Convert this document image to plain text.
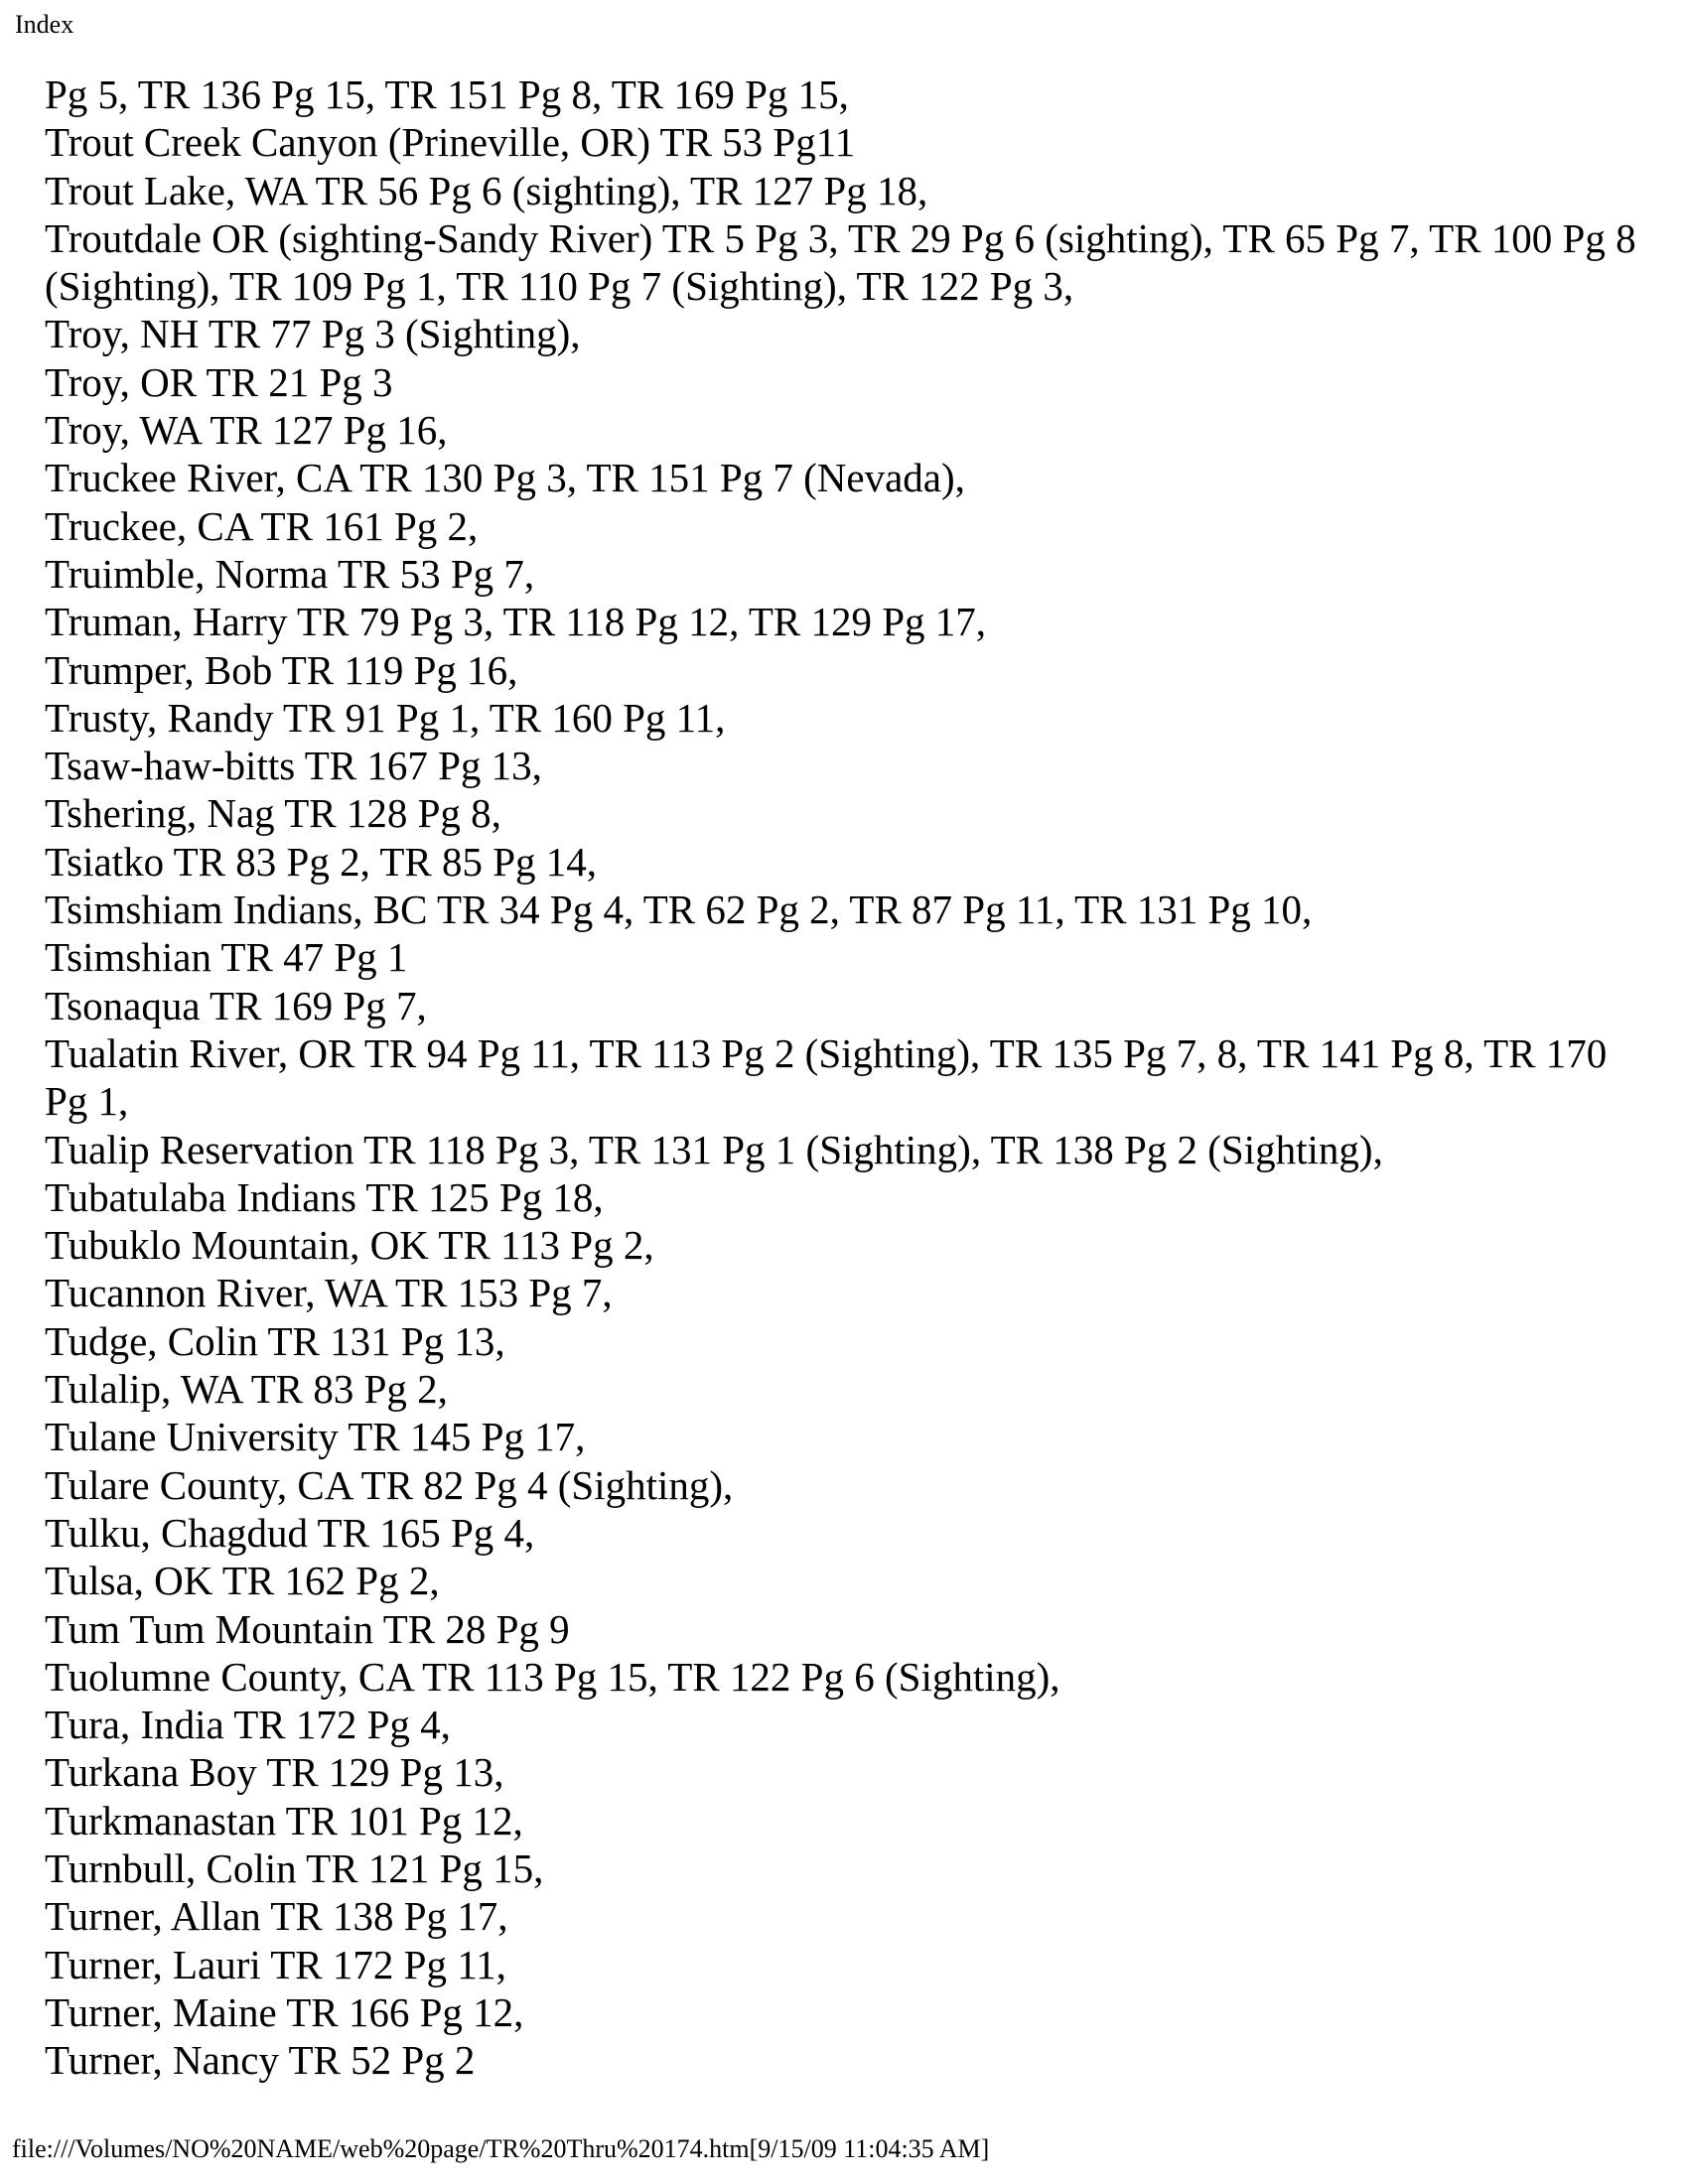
Index
Pg 5, TR 136 Pg 15, TR 151 Pg 8, TR 169 Pg 15,
Trout Creek Canyon (Prineville, OR) TR 53 Pg11
Trout Lake, WA TR 56 Pg 6 (sighting), TR 127 Pg 18,
Troutdale OR (sighting-Sandy River) TR 5 Pg 3, TR 29 Pg 6 (sighting), TR 65 Pg 7, TR 100 Pg 8 (Sighting), TR 109 Pg 1, TR 110 Pg 7 (Sighting), TR 122 Pg 3,
Troy, NH TR 77 Pg 3 (Sighting),
Troy, OR TR 21 Pg 3
Troy, WA TR 127 Pg 16,
Truckee River, CA TR 130 Pg 3, TR 151 Pg 7 (Nevada),
Truckee, CA TR 161 Pg 2,
Truimble, Norma TR 53 Pg 7,
Truman, Harry TR 79 Pg 3, TR 118 Pg 12, TR 129 Pg 17,
Trumper, Bob TR 119 Pg 16,
Trusty, Randy TR 91 Pg 1, TR 160 Pg 11,
Tsaw-haw-bitts TR 167 Pg 13,
Tshering, Nag TR 128 Pg 8,
Tsiatko TR 83 Pg 2, TR 85 Pg 14,
Tsimshiam Indians, BC TR 34 Pg 4, TR 62 Pg 2, TR 87 Pg 11, TR 131 Pg 10,
Tsimshian TR 47 Pg 1
Tsonaqua TR 169 Pg 7,
Tualatin River, OR TR 94 Pg 11, TR 113 Pg 2 (Sighting), TR 135 Pg 7, 8, TR 141 Pg 8, TR 170 Pg 1,
Tualip Reservation TR 118 Pg 3, TR 131 Pg 1 (Sighting), TR 138 Pg 2 (Sighting),
Tubatulaba Indians TR 125 Pg 18,
Tubuklo Mountain, OK TR 113 Pg 2,
Tucannon River, WA TR 153 Pg 7,
Tudge, Colin TR 131 Pg 13,
Tulalip, WA TR 83 Pg 2,
Tulane University TR 145 Pg 17,
Tulare County, CA TR 82 Pg 4 (Sighting),
Tulku, Chagdud TR 165 Pg 4,
Tulsa, OK TR 162 Pg 2,
Tum Tum Mountain TR 28 Pg 9
Tuolumne County, CA TR 113 Pg 15, TR 122 Pg 6 (Sighting),
Tura, India TR 172 Pg 4,
Turkana Boy TR 129 Pg 13,
Turkmanastan TR 101 Pg 12,
Turnbull, Colin TR 121 Pg 15,
Turner, Allan TR 138 Pg 17,
Turner, Lauri TR 172 Pg 11,
Turner, Maine TR 166 Pg 12,
Turner, Nancy TR 52 Pg 2
file:///Volumes/NO%20NAME/web%20page/TR%20Thru%20174.htm[9/15/09 11:04:35 AM]
